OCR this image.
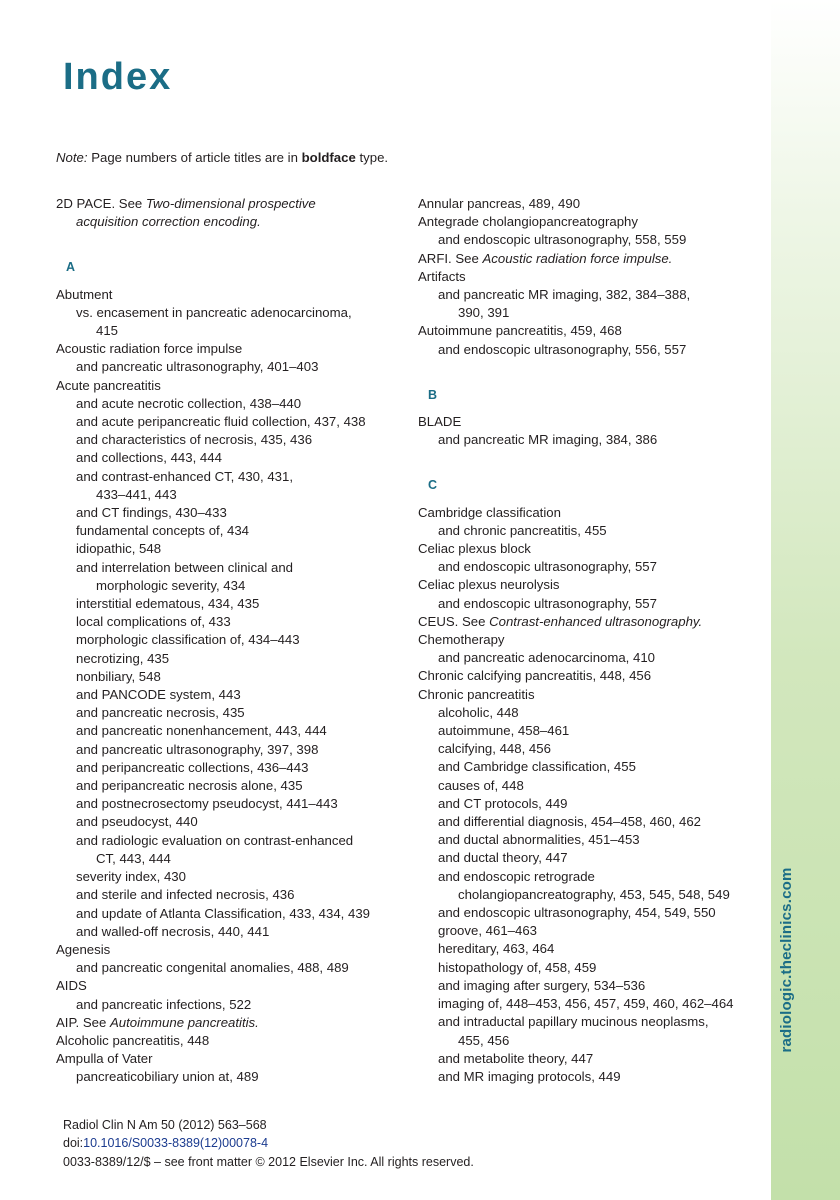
radiologic.theclinics.com
Index
Note: Page numbers of article titles are in boldface type.
2D PACE. See Two-dimensional prospective
acquisition correction encoding.
A
Abutment
vs. encasement in pancreatic adenocarcinoma,
415
Acoustic radiation force impulse
and pancreatic ultrasonography, 401–403
Acute pancreatitis
and acute necrotic collection, 438–440
and acute peripancreatic fluid collection, 437, 438
and characteristics of necrosis, 435, 436
and collections, 443, 444
and contrast-enhanced CT, 430, 431,
433–441, 443
and CT findings, 430–433
fundamental concepts of, 434
idiopathic, 548
and interrelation between clinical and
morphologic severity, 434
interstitial edematous, 434, 435
local complications of, 433
morphologic classification of, 434–443
necrotizing, 435
nonbiliary, 548
and PANCODE system, 443
and pancreatic necrosis, 435
and pancreatic nonenhancement, 443, 444
and pancreatic ultrasonography, 397, 398
and peripancreatic collections, 436–443
and peripancreatic necrosis alone, 435
and postnecrosectomy pseudocyst, 441–443
and pseudocyst, 440
and radiologic evaluation on contrast-enhanced
CT, 443, 444
severity index, 430
and sterile and infected necrosis, 436
and update of Atlanta Classification, 433, 434, 439
and walled-off necrosis, 440, 441
Agenesis
and pancreatic congenital anomalies, 488, 489
AIDS
and pancreatic infections, 522
AIP. See Autoimmune pancreatitis.
Alcoholic pancreatitis, 448
Ampulla of Vater
pancreaticobiliary union at, 489
Annular pancreas, 489, 490
Antegrade cholangiopancreatography
and endoscopic ultrasonography, 558, 559
ARFI. See Acoustic radiation force impulse.
Artifacts
and pancreatic MR imaging, 382, 384–388,
390, 391
Autoimmune pancreatitis, 459, 468
and endoscopic ultrasonography, 556, 557
B
BLADE
and pancreatic MR imaging, 384, 386
C
Cambridge classification
and chronic pancreatitis, 455
Celiac plexus block
and endoscopic ultrasonography, 557
Celiac plexus neurolysis
and endoscopic ultrasonography, 557
CEUS. See Contrast-enhanced ultrasonography.
Chemotherapy
and pancreatic adenocarcinoma, 410
Chronic calcifying pancreatitis, 448, 456
Chronic pancreatitis
alcoholic, 448
autoimmune, 458–461
calcifying, 448, 456
and Cambridge classification, 455
causes of, 448
and CT protocols, 449
and differential diagnosis, 454–458, 460, 462
and ductal abnormalities, 451–453
and ductal theory, 447
and endoscopic retrograde
cholangiopancreatography, 453, 545, 548, 549
and endoscopic ultrasonography, 454, 549, 550
groove, 461–463
hereditary, 463, 464
histopathology of, 458, 459
and imaging after surgery, 534–536
imaging of, 448–453, 456, 457, 459, 460, 462–464
and intraductal papillary mucinous neoplasms,
455, 456
and metabolite theory, 447
and MR imaging protocols, 449
Radiol Clin N Am 50 (2012) 563–568
doi:10.1016/S0033-8389(12)00078-4
0033-8389/12/$ – see front matter © 2012 Elsevier Inc. All rights reserved.
